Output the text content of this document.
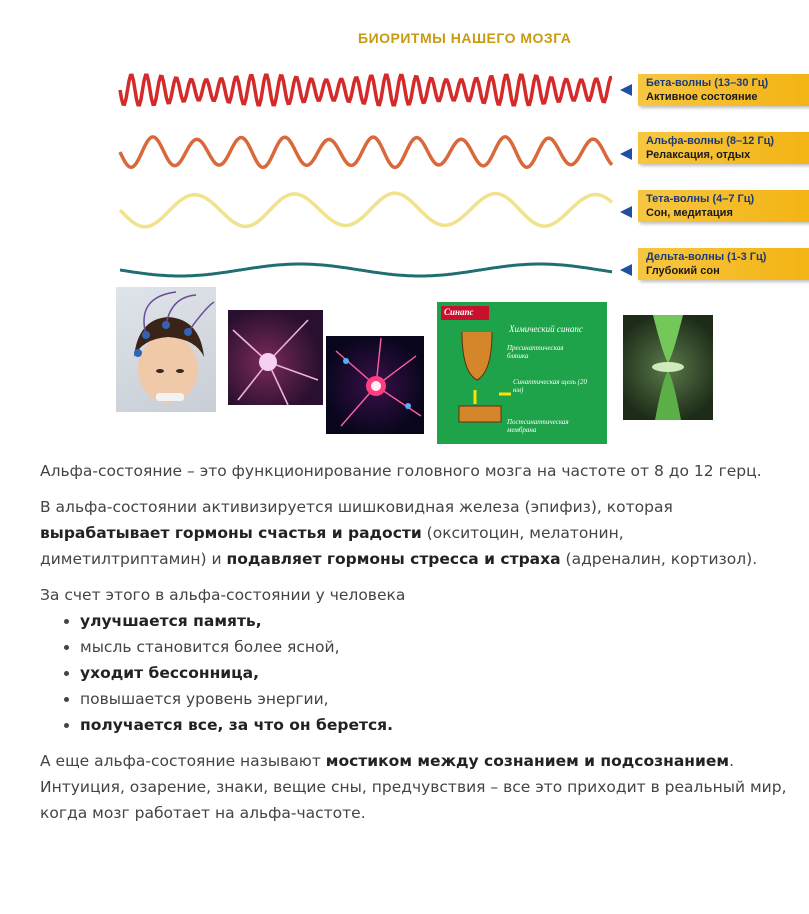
БИОРИТМЫ НАШЕГО МОЗГА
Бета-волны (13–30 Гц)
Активное состояние
Альфа-волны (8–12 Гц)
Релаксация, отдых
Тета-волны (4–7 Гц)
Сон, медитация
Дельта-волны (1-3 Гц)
Глубокий сон
Синапс
Химический синапс
Пресинаптическая бляшка
Синаптическая щель (20 нм)
Постсинаптическая мембрана

Альфа-состояние – это функционирование головного мозга на частоте от 8 до 12 герц.

В альфа-состоянии активизируется шишковидная железа (эпифиз), которая вырабатывает гормоны счастья и радости (окситоцин, мелатонин, диметилтриптамин) и подавляет гормоны стресса и страха (адреналин, кортизол).

За счет этого в альфа-состоянии у человека
• улучшается память,
• мысль становится более ясной,
• уходит бессонница,
• повышается уровень энергии,
• получается все, за что он берется.

А еще альфа-состояние называют мостиком между сознанием и подсознанием. Интуиция, озарение, знаки, вещие сны, предчувствия – все это приходит в реальный мир, когда мозг работает на альфа-частоте.
